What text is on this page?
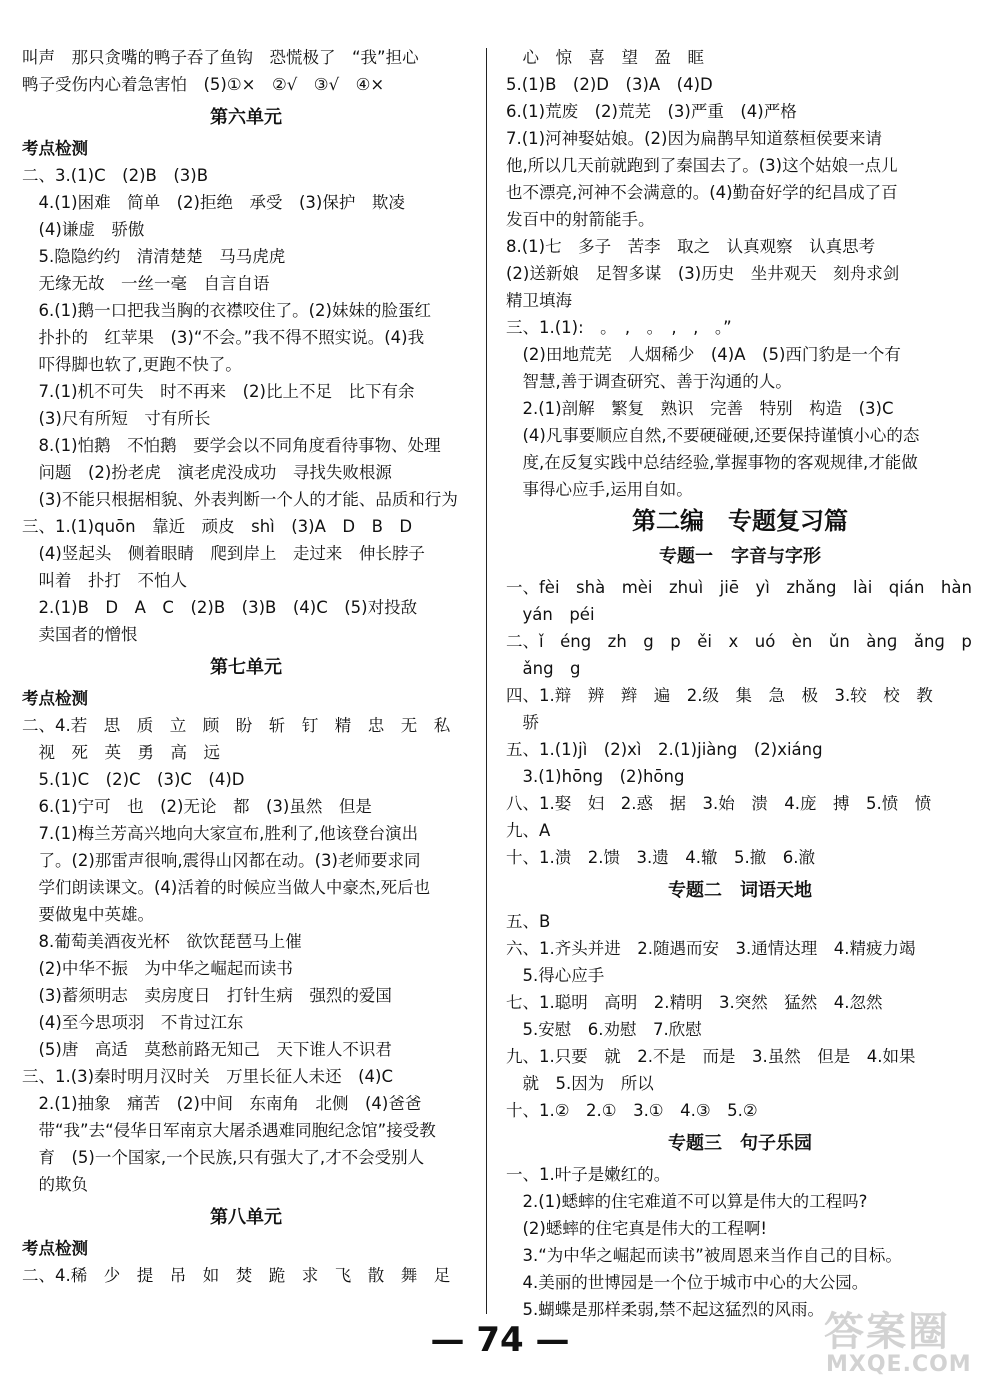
叫声　那只贪嘴的鸭子吞了鱼钩　恐慌极了　“我”担心
鸭子受伤内心着急害怕　(5)①×　②√　③√　④×
第六单元
考点检测
二、3.(1)C　(2)B　(3)B
　4.(1)困难　简单　(2)拒绝　承受　(3)保护　欺凌
　(4)谦虚　骄傲
　5.隐隐约约　清清楚楚　马马虎虎
　无缘无故　一丝一毫　自言自语
　6.(1)鹅一口把我当胸的衣襟咬住了。(2)妹妹的脸蛋红
　扑扑的　红苹果　(3)“不会。”我不得不照实说。(4)我
　吓得脚也软了,更跑不快了。
　7.(1)机不可失　时不再来　(2)比上不足　比下有余
　(3)尺有所短　寸有所长
　8.(1)怕鹅　不怕鹅　要学会以不同角度看待事物、处理
　问题　(2)扮老虎　演老虎没成功　寻找失败根源
　(3)不能只根据相貌、外表判断一个人的才能、品质和行为
三、1.(1)quōn　靠近　顽皮　shì　(3)A　D　B　D
　(4)竖起头　侧着眼睛　爬到岸上　走过来　伸长脖子
　叫着　扑打　不怕人
　2.(1)B　D　A　C　(2)B　(3)B　(4)C　(5)对投敌
　卖国者的憎恨
第七单元
考点检测
二、4.若　思　质　立　顾　盼　斩　钉　精　忠　无　私
　视　死　英　勇　高　远
　5.(1)C　(2)C　(3)C　(4)D
　6.(1)宁可　也　(2)无论　都　(3)虽然　但是
　7.(1)梅兰芳高兴地向大家宣布,胜利了,他该登台演出
　了。(2)那雷声很响,震得山冈都在动。(3)老师要求同
　学们朗读课文。(4)活着的时候应当做人中豪杰,死后也
　要做鬼中英雄。
　8.葡萄美酒夜光杯　欲饮琵琶马上催
　(2)中华不振　为中华之崛起而读书
　(3)蓄须明志　卖房度日　打针生病　强烈的爱国
　(4)至今思项羽　不肯过江东
　(5)唐　高适　莫愁前路无知己　天下谁人不识君
三、1.(3)秦时明月汉时关　万里长征人未还　(4)C
　2.(1)抽象　痛苦　(2)中间　东南角　北侧　(4)爸爸
　带“我”去“侵华日军南京大屠杀遇难同胞纪念馆”接受教
　育　(5)一个国家,一个民族,只有强大了,才不会受别人
　的欺负
第八单元
考点检测
二、4.稀　少　提　吊　如　焚　跪　求　飞　散　舞　足
　心　惊　喜　望　盈　眶
5.(1)B　(2)D　(3)A　(4)D
6.(1)荒废　(2)荒芜　(3)严重　(4)严格
7.(1)河神娶姑娘。(2)因为扁鹊早知道蔡桓侯要来请
他,所以几天前就跑到了秦国去了。(3)这个姑娘一点儿
也不漂亮,河神不会满意的。(4)勤奋好学的纪昌成了百
发百中的射箭能手。
8.(1)七　多子　苦李　取之　认真观察　认真思考
(2)送新娘　足智多谋　(3)历史　坐井观天　刻舟求剑
精卫填海
三、1.(1):　。　,　。　,　,　。”
　(2)田地荒芜　人烟稀少　(4)A　(5)西门豹是一个有
　智慧,善于调查研究、善于沟通的人。
　2.(1)剖解　繁复　熟识　完善　特别　构造　(3)C
　(4)凡事要顺应自然,不要硬碰硬,还要保持谨慎小心的态
　度,在反复实践中总结经验,掌握事物的客观规律,才能做
　事得心应手,运用自如。
第二编　专题复习篇
专题一　字音与字形
一、fèi　shà　mèi　zhuì　jiē　yì　zhǎng　lài　qián　hàn
　yán　péi
二、ǐ　éng　zh　g　p　ěi　x　uó　èn　ǔn　ànɡ　ǎnɡ　p
　ǎng　g
四、1.辩　辨　辫　遍　2.级　集　急　极　3.较　校　教
　骄
五、1.(1)jì　(2)xì　2.(1)jiàng　(2)xiáng
　3.(1)hōng　(2)hōng
八、1.娶　妇　2.惑　据　3.始　溃　4.庞　搏　5.愤　愤
九、A
十、1.溃　2.馈　3.遗　4.辙　5.撤　6.澈
专题二　词语天地
五、B
六、1.齐头并进　2.随遇而安　3.通情达理　4.精疲力竭
　5.得心应手
七、1.聪明　高明　2.精明　3.突然　猛然　4.忽然
　5.安慰　6.劝慰　7.欣慰
九、1.只要　就　2.不是　而是　3.虽然　但是　4.如果
　就　5.因为　所以
十、1.②　2.①　3.①　4.③　5.②
专题三　句子乐园
一、1.叶子是嫩红的。
　2.(1)蟋蟀的住宅难道不可以算是伟大的工程吗?
　(2)蟋蟀的住宅真是伟大的工程啊!
　3.“为中华之崛起而读书”被周恩来当作自己的目标。
　4.美丽的世博园是一个位于城市中心的大公园。
　5.蝴蝶是那样柔弱,禁不起这猛烈的风雨。
— 74 —	答案圈
MXQE.COM
